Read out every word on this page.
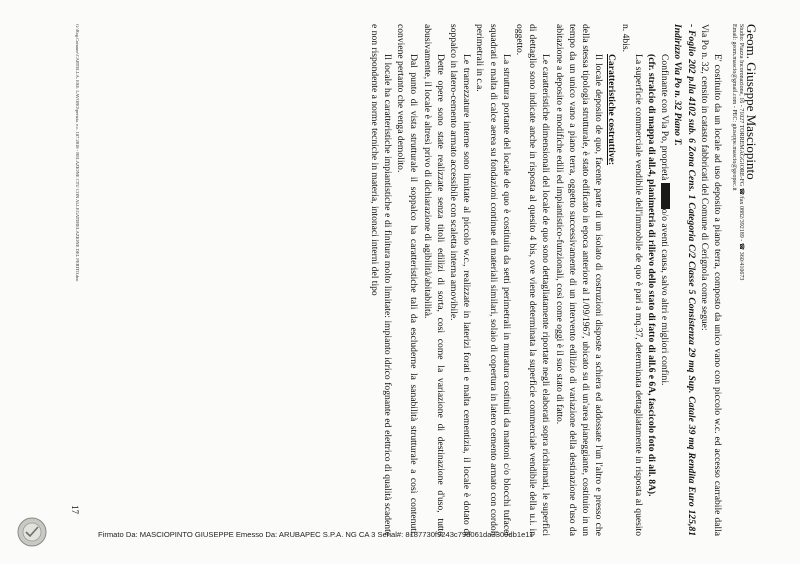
Geom. Giuseppe Masciopinto
Studio: Piazza Incoronazione, 16 - 71027 TORREMAGGIORE-FG ☎/fax 0882/392189 - ☎ 360/410673
Email: geom.mascio@gmail.com - PEC: giuseppe.mascio@geopec.it

E' costituito da un locale ad uso deposito a piano terra, composto da unico vano con piccolo w.c. ed accesso carrabile dalla Via Po n. 32, censito in catasto fabbricati del Comune di Cerignola come segue:

- Foglio 202 p.lla 4102 sub. 6 Zona Cens. 1 Categoria C/2 Classe 5 Consistenza 29 mq Sup. Catale 39 mq Rendita Euro 125,81 Indirizzo Via Po n. 32 Piano T.

Confinante con Via Po, proprietà o/o aventi causa, salvo altri e migliori confini.

(cfr. stralcio di mappa di all.4, planimetria di rilievo dello stato di fatto di all.6 e 6A, fascicolo foto di all. 8A).

La superficie commerciale vendibile dell'immobile de quo è pari a mq.37, determinata dettagliatamente in risposta al quesito n. 4bis.

Caratteristiche costruttive:

Il locale deposito de quo, facente parte di un isolato di costruzioni disposte a schiera ed addossate l'un l'altro e presso che della stessa tipologia strutturale, è stato edificato in epoca anteriore al 1/09/1967, ubicato su di un'area pianeggiante, costituito in un tempo da un unico vano a piano terra, oggetto successivamente di un intervento edilizio di variazione della destinazione d'uso da abitazione a deposito e modifiche edili ed impiantistico-funzionali, così come oggi è il suo stato di fatto.

Le caratteristiche dimensionali del locale de quo sono dettagliatamente riportate negli elaborati sopra richiamati, le superfici di dettaglio sono indicate anche in risposta al quesito 4 bis, ove viene determinata la superficie commerciale vendibile della u.i. in oggetto.

La struttura portante del locale de quo è costituita da setti perimetrali in muratura costituiti da mattoni c/o blocchi tufacei squadrati e malta di calce aerea su fondazioni continue di materiali similari, solaio di copertura in latero cemento armato con cordoli perimetrali in c.a.

Le tramezzature interne sono limitate al piccolo w.c., realizzate in laterizi forati e malta cementizia, il locale è dotato di soppalco in latero-cemento armato accessibile con scaletta interna amovibile.

Dette opere sono state realizzate senza titoli edilizi di sorta, così come la variazione di destinazione d'uso, tutto abusivamente, il locale è altresì privo di dichiarazione di agibilità/abitabilità.

Dal punto di vista strutturale il soppalco ha caratteristiche tali da escluderne la sanabilità strutturale a così contenuti, conviene pertanto che venga demolito.

Il locale ha caratteristiche impiantistiche e di finitura molto limitate: impianto idrico fognante ed elettrico di qualità scadente e non rispondente a norme tecniche in materia, intonaci interni del tipo

G:\Rag.Comune\CARTELLA. ESE. LAVORO\perizia. e.c. 187.2018 - RELAZIONE CTU CON ALLEGATI\RELAZIONE DEL PERITO.doc
17
Firmato Da: MASCIOPINTO GIUSEPPE Emesso Da: ARUBAPEC S.P.A. NG CA 3 Serial#: 8187730f9243c79d061da3309db1e11
